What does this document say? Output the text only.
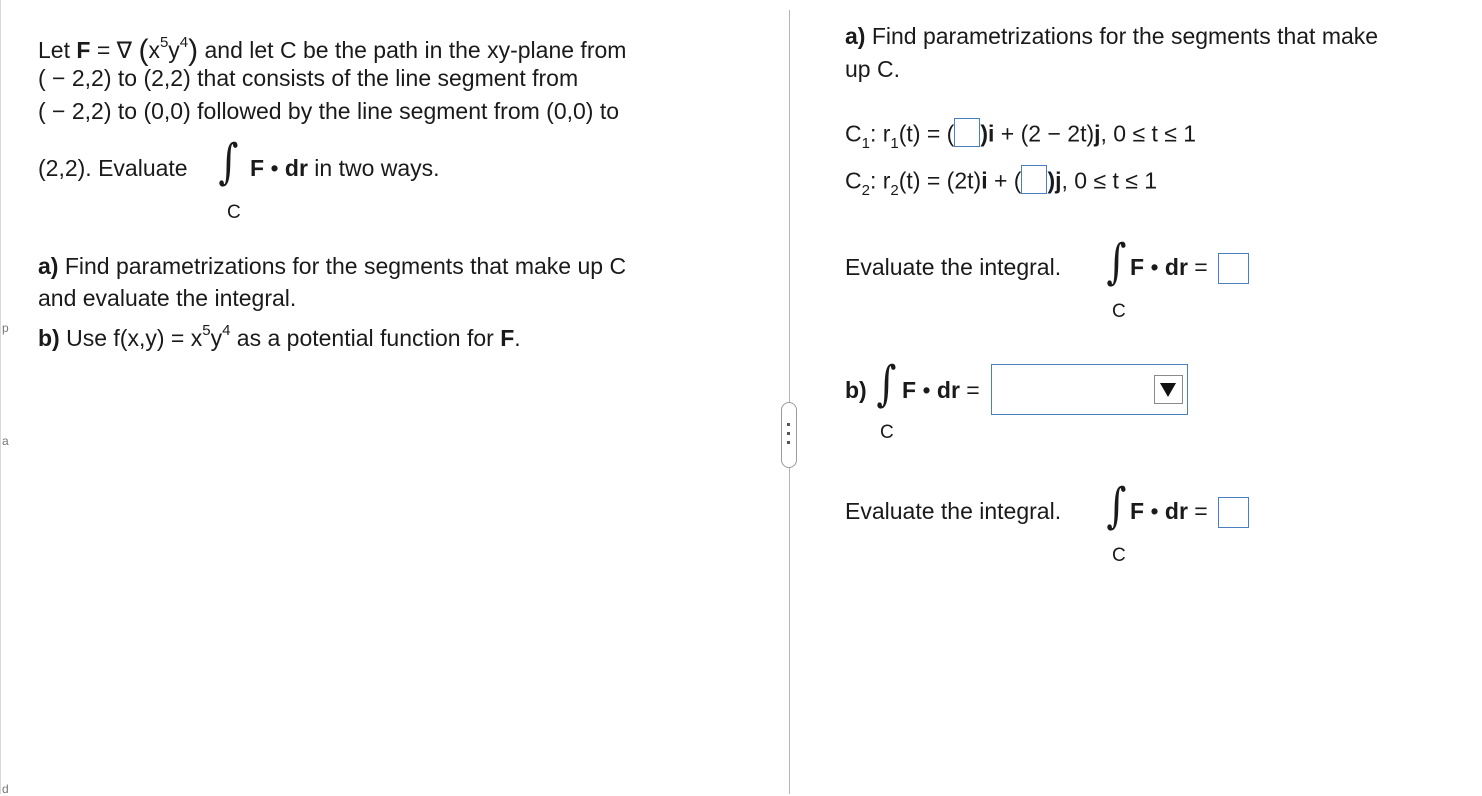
p
a
d
Let F = ∇ $(x^5y^4)$ and let C be the path in the xy-plane from
( − 2,2) to (2,2) that consists of the line segment from
( − 2,2) to (0,0) followed by the line segment from (0,0) to
(2,2). Evaluate ∫ F • dr in two ways.
C
a) Find parametrizations for the segments that make up C
and evaluate the integral.
b) Use $f(x,y) = x^5y^4$ as a potential function for F.
a) Find parametrizations for the segments that make
up C.
$C_1$: $r_1(t)$ = ( )i + (2 − 2t)j, 0 ≤ t ≤ 1
$C_2$: $r_2(t) = (2t)i$ + ( )j, 0 ≤ t ≤ 1
Evaluate the integral. ∫ F • dr =
C
b) ∫ F • dr =
C
Evaluate the integral. ∫ F • dr =
C
